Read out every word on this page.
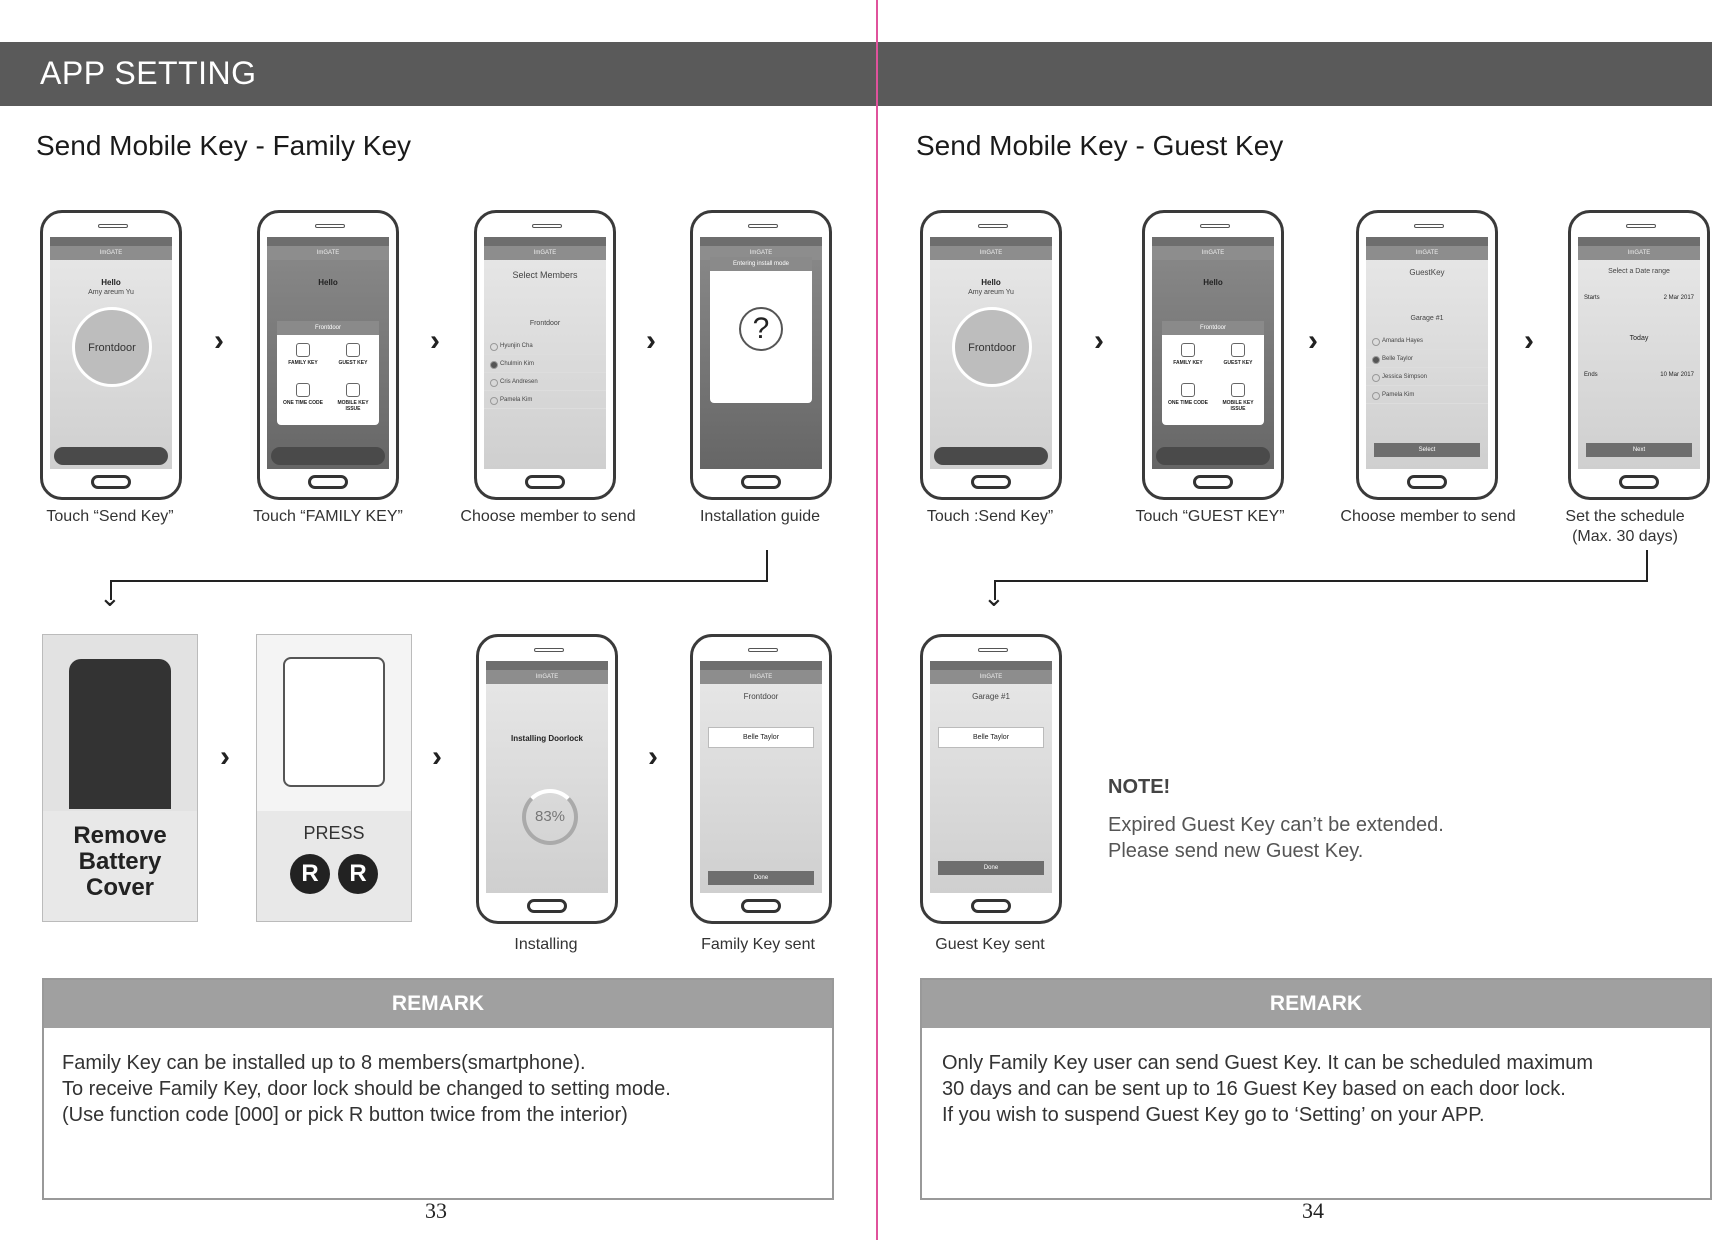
APP SETTING
Send Mobile Key - Family Key
ImGATE
Hello
Amy areum Yu
Frontdoor	›
ImGATE
Hello
Frontdoor
FAMILY KEY	GUEST KEY
ONE TIME CODE	MOBILE KEY ISSUE
›
ImGATE
Select Members
Frontdoor
Hyunjin Cha
Chulmin Kim
Cris Andresen
Pamela Kim
›
ImGATE
Entering install mode
?
Touch “Send Key”	Touch “FAMILY KEY”	Choose member to send	Installation guide
⌄
Remove
Battery
Cover
›
PRESS
R R
›
ImGATE
Installing Doorlock
83%
›
ImGATE
Frontdoor
Belle Taylor
Done
Installing	Family Key sent
REMARK
Family Key can be installed up to 8 members(smartphone).
To receive Family Key, door lock should be changed to setting mode.
(Use function code [000] or pick R button twice from the interior)
33
Send Mobile Key - Guest Key
ImGATE
Hello
Amy areum Yu
Frontdoor	›
ImGATE
Hello
Frontdoor
FAMILY KEY	GUEST KEY
ONE TIME CODE	MOBILE KEY ISSUE
›
ImGATE
GuestKey
Garage #1
Amanda Hayes
Belle Taylor
Jessica Simpson
Pamela Kim
Select
›
ImGATE
Select a Date range
Starts	2 Mar 2017
Today
Ends	10 Mar 2017
Next
Touch :Send Key”	Touch “GUEST KEY”	Choose member to send	Set the schedule
(Max. 30 days)
⌄
ImGATE
Garage #1
Belle Taylor
Done
Guest Key sent
NOTE!
Expired Guest Key can’t be extended.
Please send new Guest Key.
REMARK
Only Family Key user can send Guest Key. It can be scheduled maximum
30 days and can be sent up to 16 Guest Key based on each door lock.
If you wish to suspend Guest Key go to ‘Setting’ on your APP.
34
